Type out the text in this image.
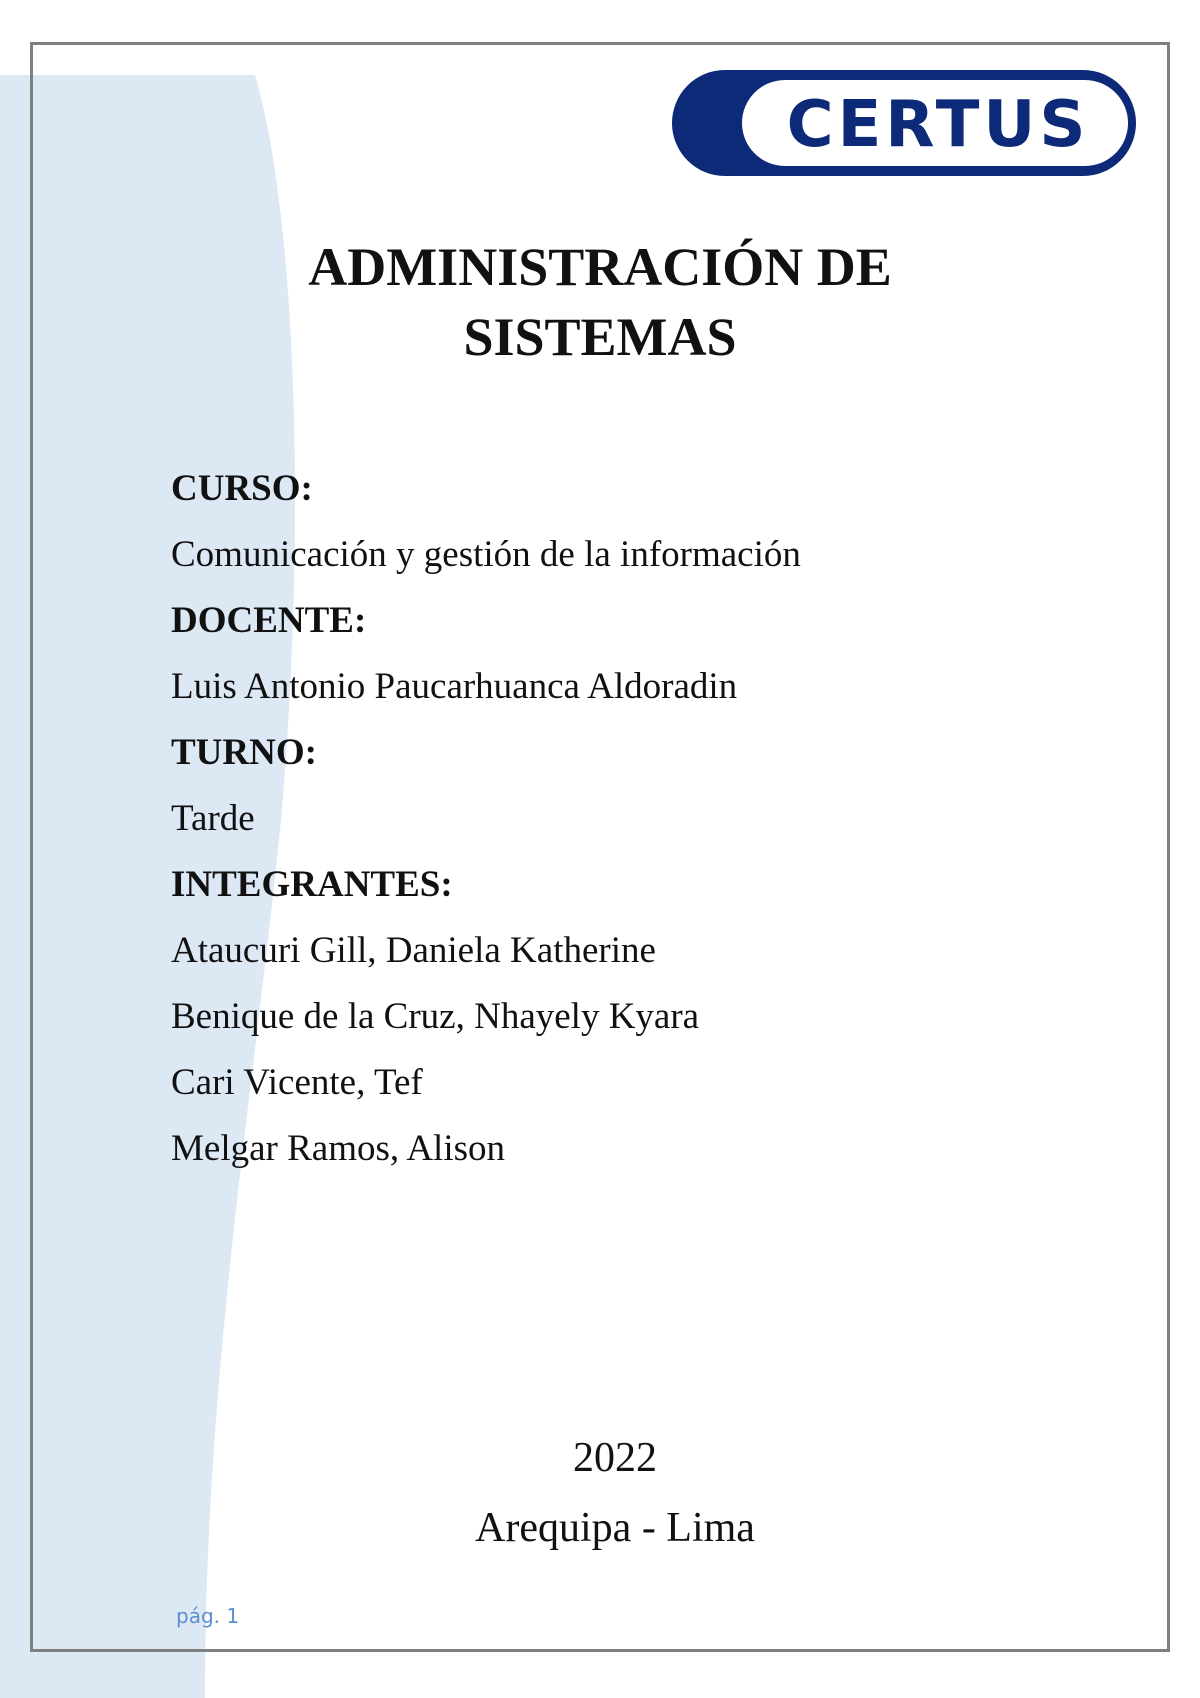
CERTUS
ADMINISTRACIÓN DE
SISTEMAS
CURSO:
Comunicación y gestión de la información
DOCENTE:
Luis Antonio Paucarhuanca Aldoradin
TURNO:
Tarde
INTEGRANTES:
Ataucuri Gill, Daniela Katherine
Benique de la Cruz, Nhayely Kyara
Cari Vicente, Tef
Melgar Ramos, Alison
2022
Arequipa - Lima
pág. 1
